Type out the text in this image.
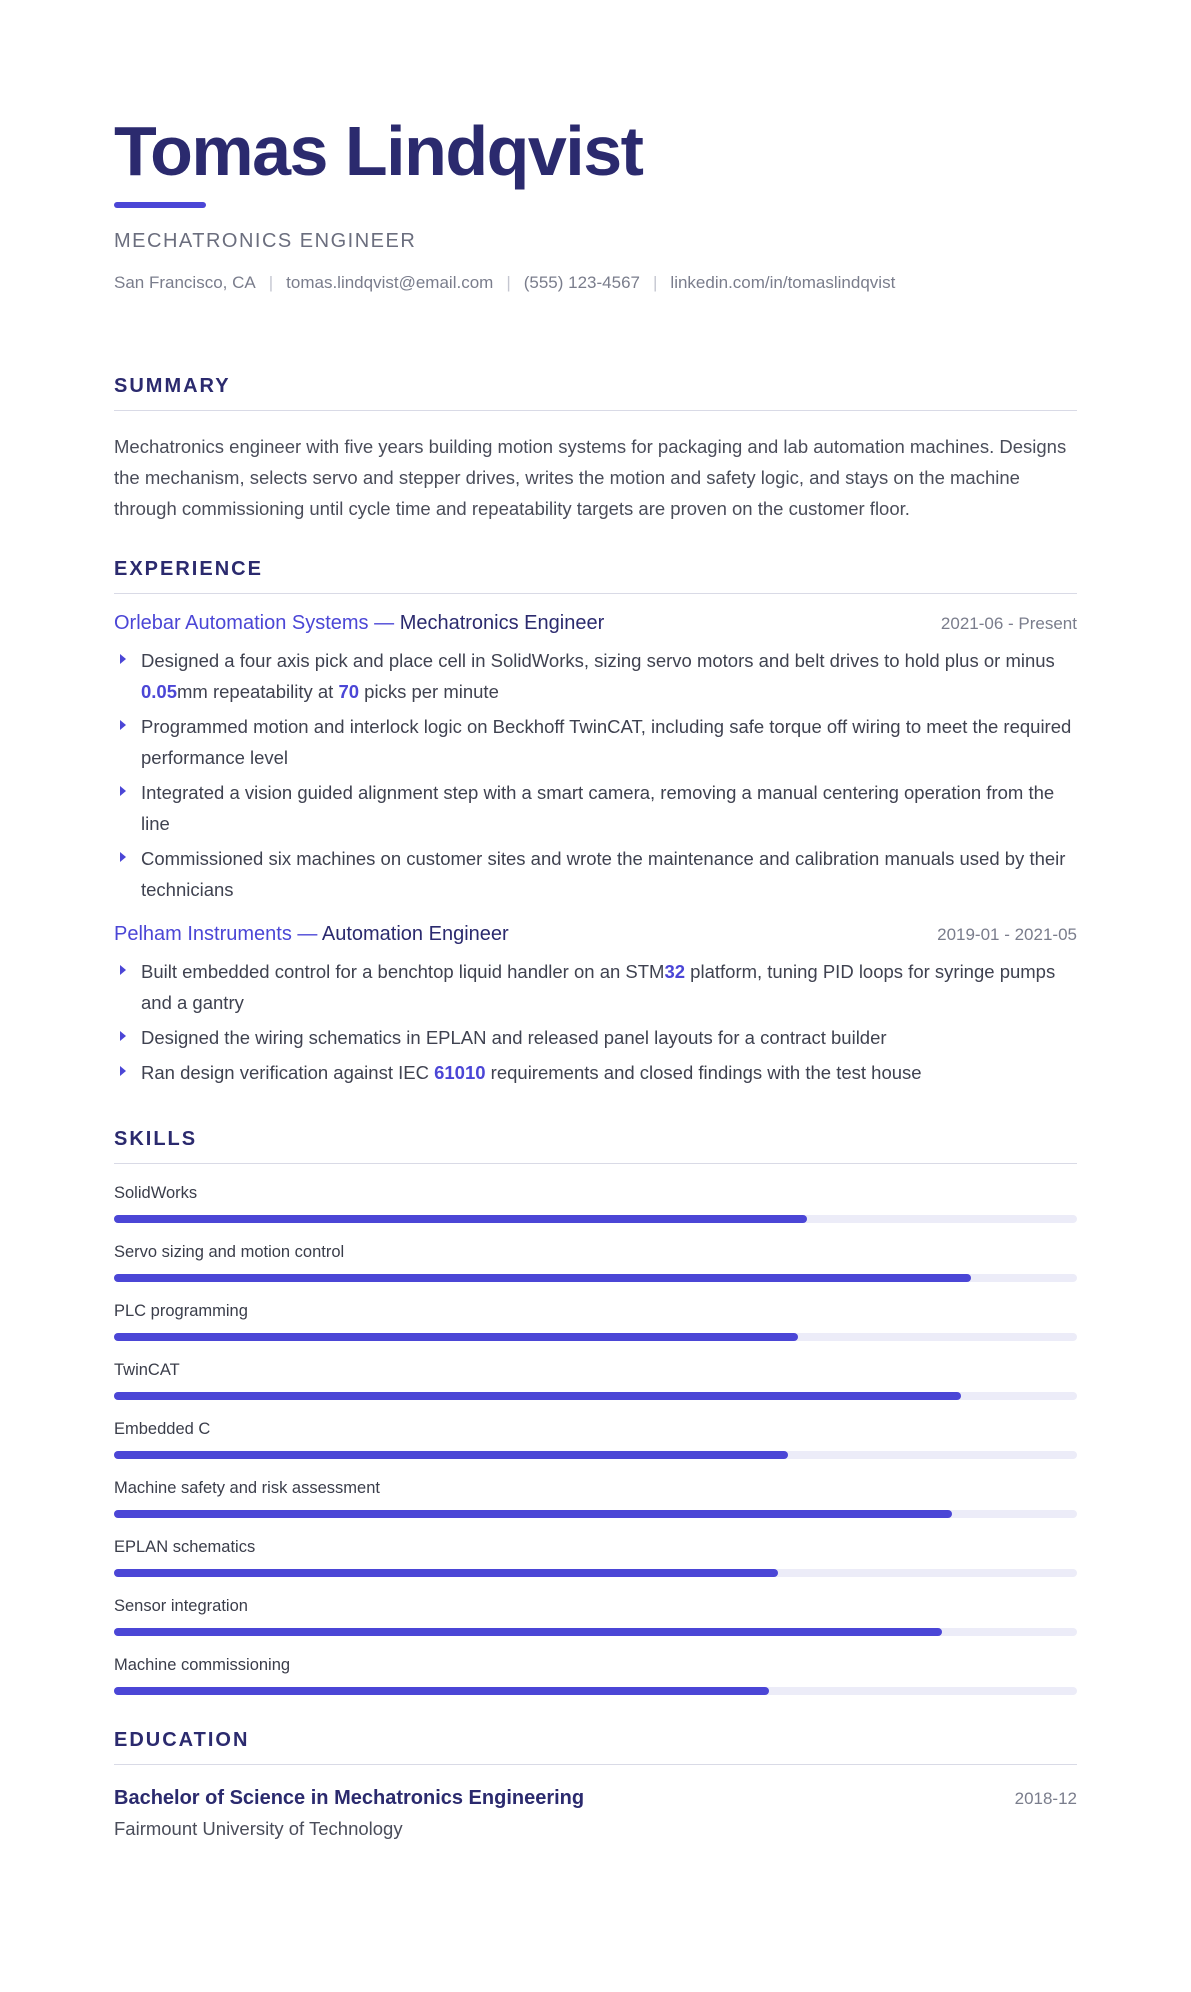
Tomas Lindqvist
MECHATRONICS ENGINEER
San Francisco, CA | tomas.lindqvist@email.com | (555) 123-4567 | linkedin.com/in/tomaslindqvist
SUMMARY
Mechatronics engineer with five years building motion systems for packaging and lab automation machines. Designs the mechanism, selects servo and stepper drives, writes the motion and safety logic, and stays on the machine through commissioning until cycle time and repeatability targets are proven on the customer floor.
EXPERIENCE
Orlebar Automation Systems — Mechatronics Engineer	2021-06 - Present
Designed a four axis pick and place cell in SolidWorks, sizing servo motors and belt drives to hold plus or minus 0.05mm repeatability at 70 picks per minute
Programmed motion and interlock logic on Beckhoff TwinCAT, including safe torque off wiring to meet the required performance level
Integrated a vision guided alignment step with a smart camera, removing a manual centering operation from the line
Commissioned six machines on customer sites and wrote the maintenance and calibration manuals used by their technicians
Pelham Instruments — Automation Engineer	2019-01 - 2021-05
Built embedded control for a benchtop liquid handler on an STM32 platform, tuning PID loops for syringe pumps and a gantry
Designed the wiring schematics in EPLAN and released panel layouts for a contract builder
Ran design verification against IEC 61010 requirements and closed findings with the test house
SKILLS
SolidWorks
Servo sizing and motion control
PLC programming
TwinCAT
Embedded C
Machine safety and risk assessment
EPLAN schematics
Sensor integration
Machine commissioning
EDUCATION
Bachelor of Science in Mechatronics Engineering	2018-12
Fairmount University of Technology
